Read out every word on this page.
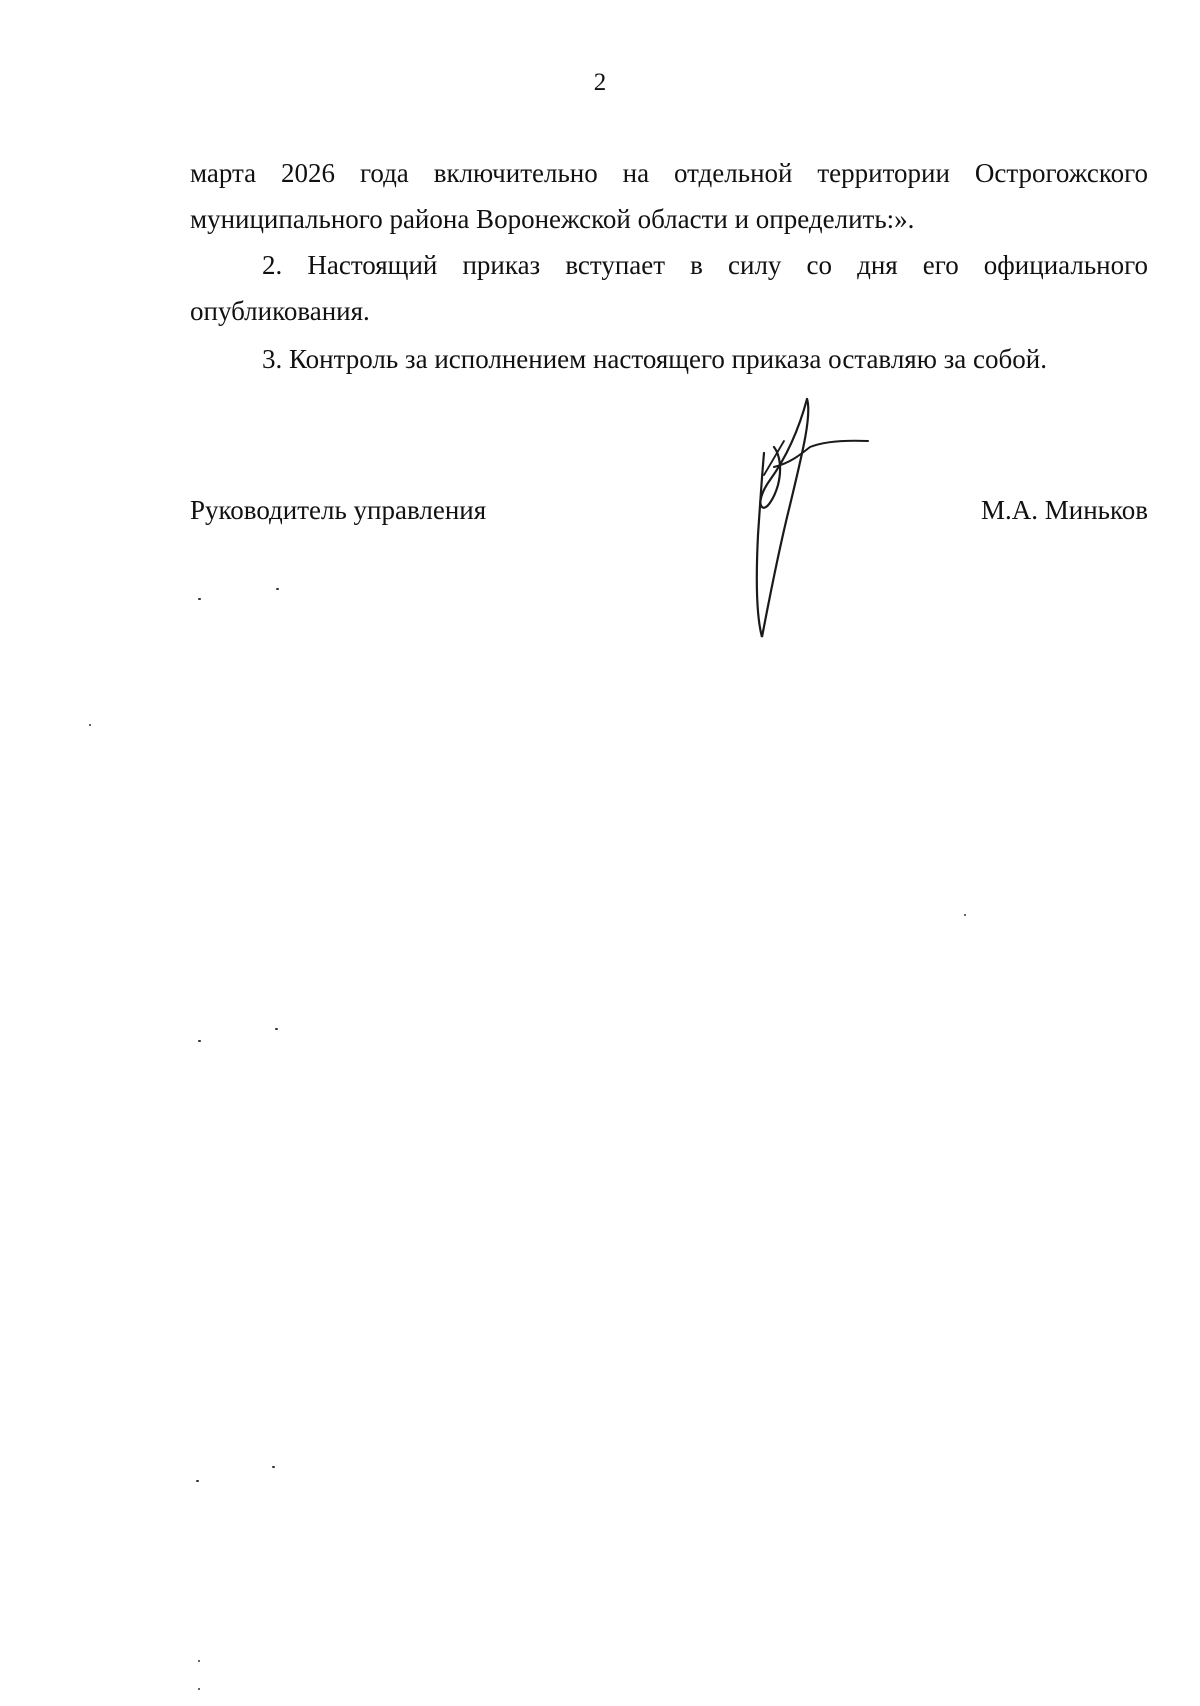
2

марта 2026 года включительно на отдельной территории Острогожского муниципального района Воронежской области и определить:».

2. Настоящий приказ вступает в силу со дня его официального опубликования.

3. Контроль за исполнением настоящего приказа оставляю за собой.

Руководитель управления	М.А. Миньков
